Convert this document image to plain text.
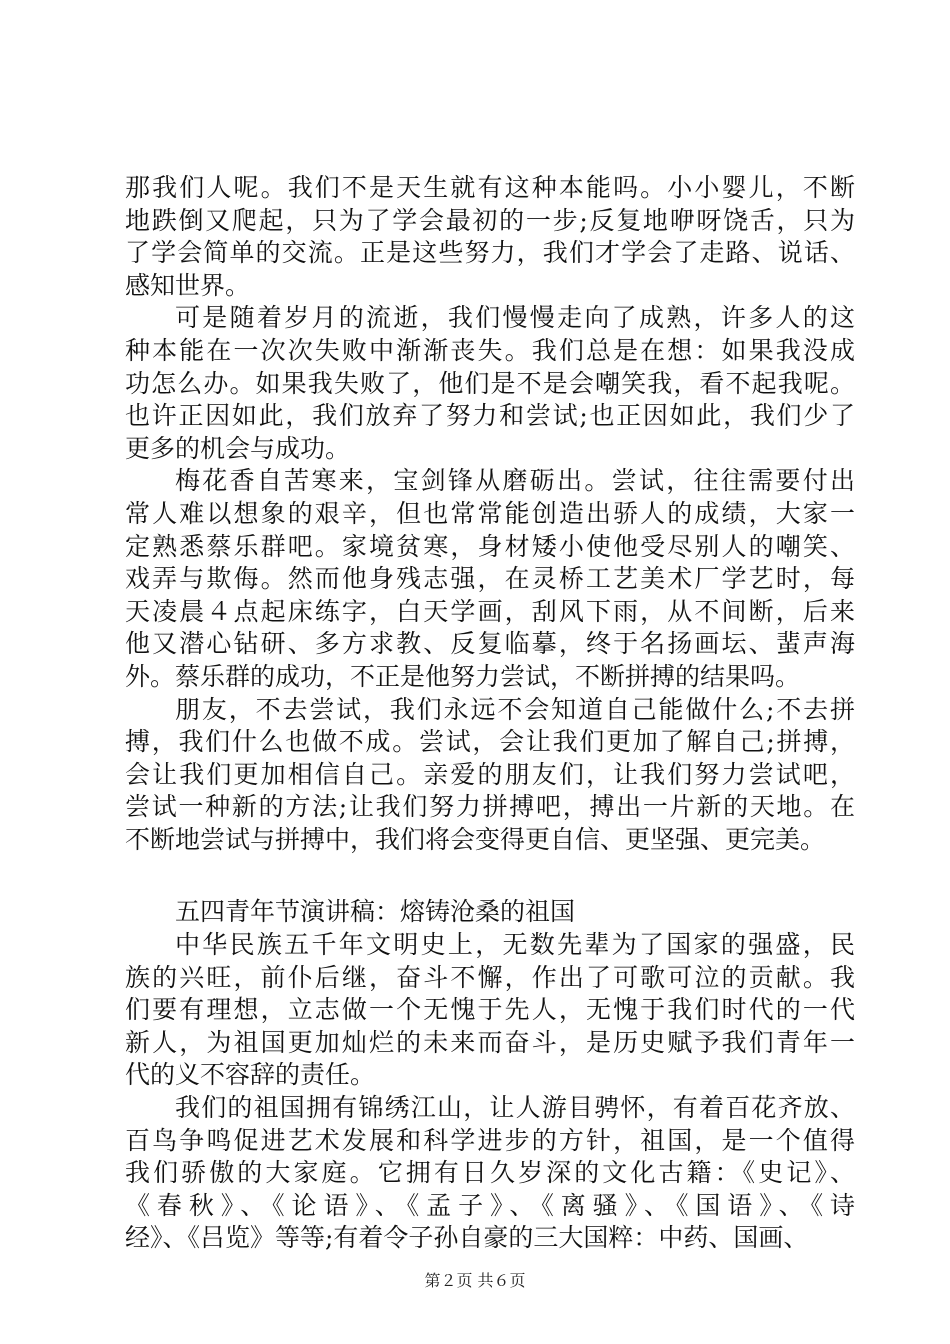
那我们人呢。我们不是天生就有这种本能吗。小小婴儿，不断
地跌倒又爬起，只为了学会最初的一步;反复地咿呀饶舌，只为
了学会简单的交流。正是这些努力，我们才学会了走路、说话、
感知世界。
可是随着岁月的流逝，我们慢慢走向了成熟，许多人的这
种本能在一次次失败中渐渐丧失。我们总是在想：如果我没成
功怎么办。如果我失败了，他们是不是会嘲笑我，看不起我呢。
也许正因如此，我们放弃了努力和尝试;也正因如此，我们少了
更多的机会与成功。
梅花香自苦寒来，宝剑锋从磨砺出。尝试，往往需要付出
常人难以想象的艰辛，但也常常能创造出骄人的成绩，大家一
定熟悉蔡乐群吧。家境贫寒，身材矮小使他受尽别人的嘲笑、
戏弄与欺侮。然而他身残志强，在灵桥工艺美术厂学艺时，每
天凌晨４点起床练字，白天学画，刮风下雨，从不间断，后来
他又潜心钻研、多方求教、反复临摹，终于名扬画坛、蜚声海
外。蔡乐群的成功，不正是他努力尝试，不断拼搏的结果吗。
朋友，不去尝试，我们永远不会知道自己能做什么;不去拼
搏，我们什么也做不成。尝试，会让我们更加了解自己;拼搏，
会让我们更加相信自己。亲爱的朋友们，让我们努力尝试吧，
尝试一种新的方法;让我们努力拼搏吧，搏出一片新的天地。在
不断地尝试与拼搏中，我们将会变得更自信、更坚强、更完美。
五四青年节演讲稿：熔铸沧桑的祖国
中华民族五千年文明史上，无数先辈为了国家的强盛，民
族的兴旺，前仆后继，奋斗不懈，作出了可歌可泣的贡献。我
们要有理想，立志做一个无愧于先人，无愧于我们时代的一代
新人，为祖国更加灿烂的未来而奋斗，是历史赋予我们青年一
代的义不容辞的责任。
我们的祖国拥有锦绣江山，让人游目骋怀，有着百花齐放、
百鸟争鸣促进艺术发展和科学进步的方针，祖国，是一个值得
我们骄傲的大家庭。它拥有日久岁深的文化古籍：《史记》、
《春秋》、《论语》、《孟子》、《离骚》、《国语》、《诗
经》、《吕览》等等;有着令子孙自豪的三大国粹：中药、国画、
第２页 共６页
